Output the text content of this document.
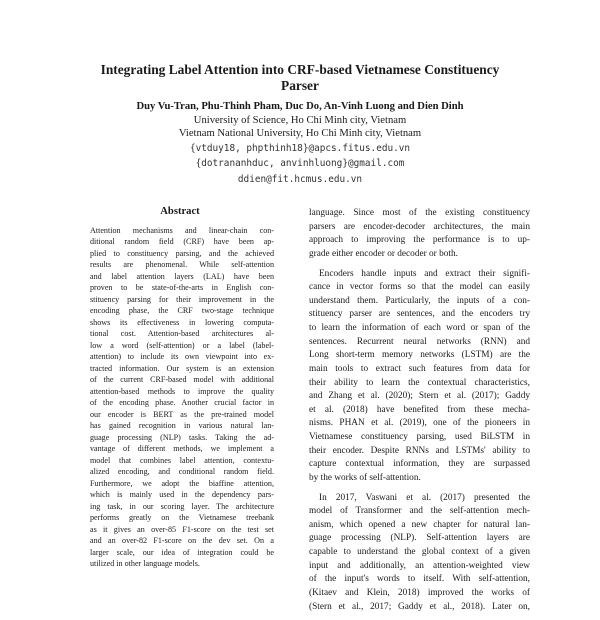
Integrating Label Attention into CRF-based Vietnamese Constituency
Parser
Duy Vu-Tran, Phu-Thinh Pham, Duc Do, An-Vinh Luong and Dien Dinh
University of Science, Ho Chi Minh city, Vietnam
Vietnam National University, Ho Chi Minh city, Vietnam
{vtduy18, phpthinh18}@apcs.fitus.edu.vn
{dotrananhduc, anvinhluong}@gmail.com
ddien@fit.hcmus.edu.vn
Abstract
Attention mechanisms and linear-chain con-
ditional random field (CRF) have been ap-
plied to constituency parsing, and the achieved
results are phenomenal. While self-attention
and label attention layers (LAL) have been
proven to be state-of-the-arts in English con-
stituency parsing for their improvement in the
encoding phase, the CRF two-stage technique
shows its effectiveness in lowering computa-
tional cost. Attention-based architectures al-
low a word (self-attention) or a label (label-
attention) to include its own viewpoint into ex-
tracted information. Our system is an extension
of the current CRF-based model with additional
attention-based methods to improve the quality
of the encoding phase. Another crucial factor in
our encoder is BERT as the pre-trained model
has gained recognition in various natural lan-
guage processing (NLP) tasks. Taking the ad-
vantage of different methods, we implement a
model that combines label attention, contextu-
alized encoding, and conditional random field.
Furthermore, we adopt the biaffine attention,
which is mainly used in the dependency pars-
ing task, in our scoring layer. The architecture
performs greatly on the Vietnamese treebank
as it gives an over-85 F1-score on the test set
and an over-82 F1-score on the dev set. On a
larger scale, our idea of integration could be
utilized in other language models.
language. Since most of the existing constituency
parsers are encoder-decoder architectures, the main
approach to improving the performance is to up-
grade either encoder or decoder or both.
Encoders handle inputs and extract their signifi-
cance in vector forms so that the model can easily
understand them. Particularly, the inputs of a con-
stituency parser are sentences, and the encoders try
to learn the information of each word or span of the
sentences. Recurrent neural networks (RNN) and
Long short-term memory networks (LSTM) are the
main tools to extract such features from data for
their ability to learn the contextual characteristics,
and Zhang et al. (2020); Stern et al. (2017); Gaddy
et al. (2018) have benefited from these mecha-
nisms. PHAN et al. (2019), one of the pioneers in
Vietnamese constituency parsing, used BiLSTM in
their encoder. Despite RNNs and LSTMs' ability to
capture contextual information, they are surpassed
by the works of self-attention.
In 2017, Vaswani et al. (2017) presented the
model of Transformer and the self-attention mech-
anism, which opened a new chapter for natural lan-
guage processing (NLP). Self-attention layers are
capable to understand the global context of a given
input and additionally, an attention-weighted view
of the input's words to itself. With self-attention,
(Kitaev and Klein, 2018) improved the works of
(Stern et al., 2017; Gaddy et al., 2018). Later on,
